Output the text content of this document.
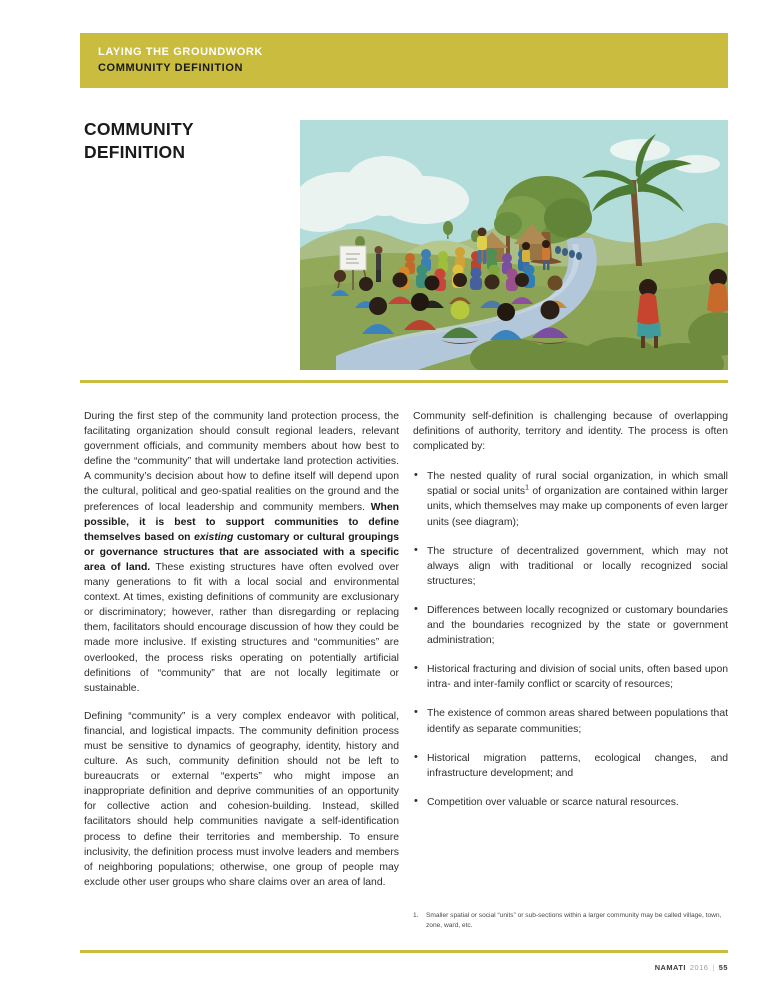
LAYING THE GROUNDWORK
COMMUNITY DEFINITION
COMMUNITY DEFINITION

During the first step of the community land protection process, the facilitating organization should consult regional leaders, relevant government officials, and community members about how best to define the “community” that will undertake land protection activities. A community’s decision about how to define itself will depend upon the cultural, political and geo-spatial realities on the ground and the preferences of local leadership and community members. When possible, it is best to support communities to define themselves based on existing customary or cultural groupings or governance structures that are associated with a specific area of land. These existing structures have often evolved over many generations to fit with a local social and environmental context. At times, existing definitions of community are exclusionary or discriminatory; however, rather than disregarding or replacing them, facilitators should encourage discussion of how they could be made more inclusive. If existing structures and “communities” are overlooked, the process risks operating on potentially artificial definitions of “community” that are not locally legitimate or sustainable.

Defining “community” is a very complex endeavor with political, financial, and logistical impacts. The community definition process must be sensitive to dynamics of geography, identity, history and culture. As such, community definition should not be left to bureaucrats or external “experts” who might impose an inappropriate definition and deprive communities of an opportunity for collective action and cohesion-building. Instead, skilled facilitators should help communities navigate a self-identification process to define their territories and membership. To ensure inclusivity, the definition process must involve leaders and members of neighboring populations; otherwise, one group of people may exclude other user groups who share claims over an area of land.

Community self-definition is challenging because of overlapping definitions of authority, territory and identity. The process is often complicated by:

• The nested quality of rural social organization, in which small spatial or social units$^1$ of organization are contained within larger units, which themselves may make up components of even larger units (see diagram);
• The structure of decentralized government, which may not always align with traditional or locally recognized social structures;
• Differences between locally recognized or customary boundaries and the boundaries recognized by the state or government administration;
• Historical fracturing and division of social units, often based upon intra- and inter-family conflict or scarcity of resources;
• The existence of common areas shared between populations that identify as separate communities;
• Historical migration patterns, ecological changes, and infrastructure development; and
• Competition over valuable or scarce natural resources.
1.	Smaller spatial or social “units” or sub-sections within a larger community may be called village, town, zone, ward, etc.
NAMATI 2016 | 55
